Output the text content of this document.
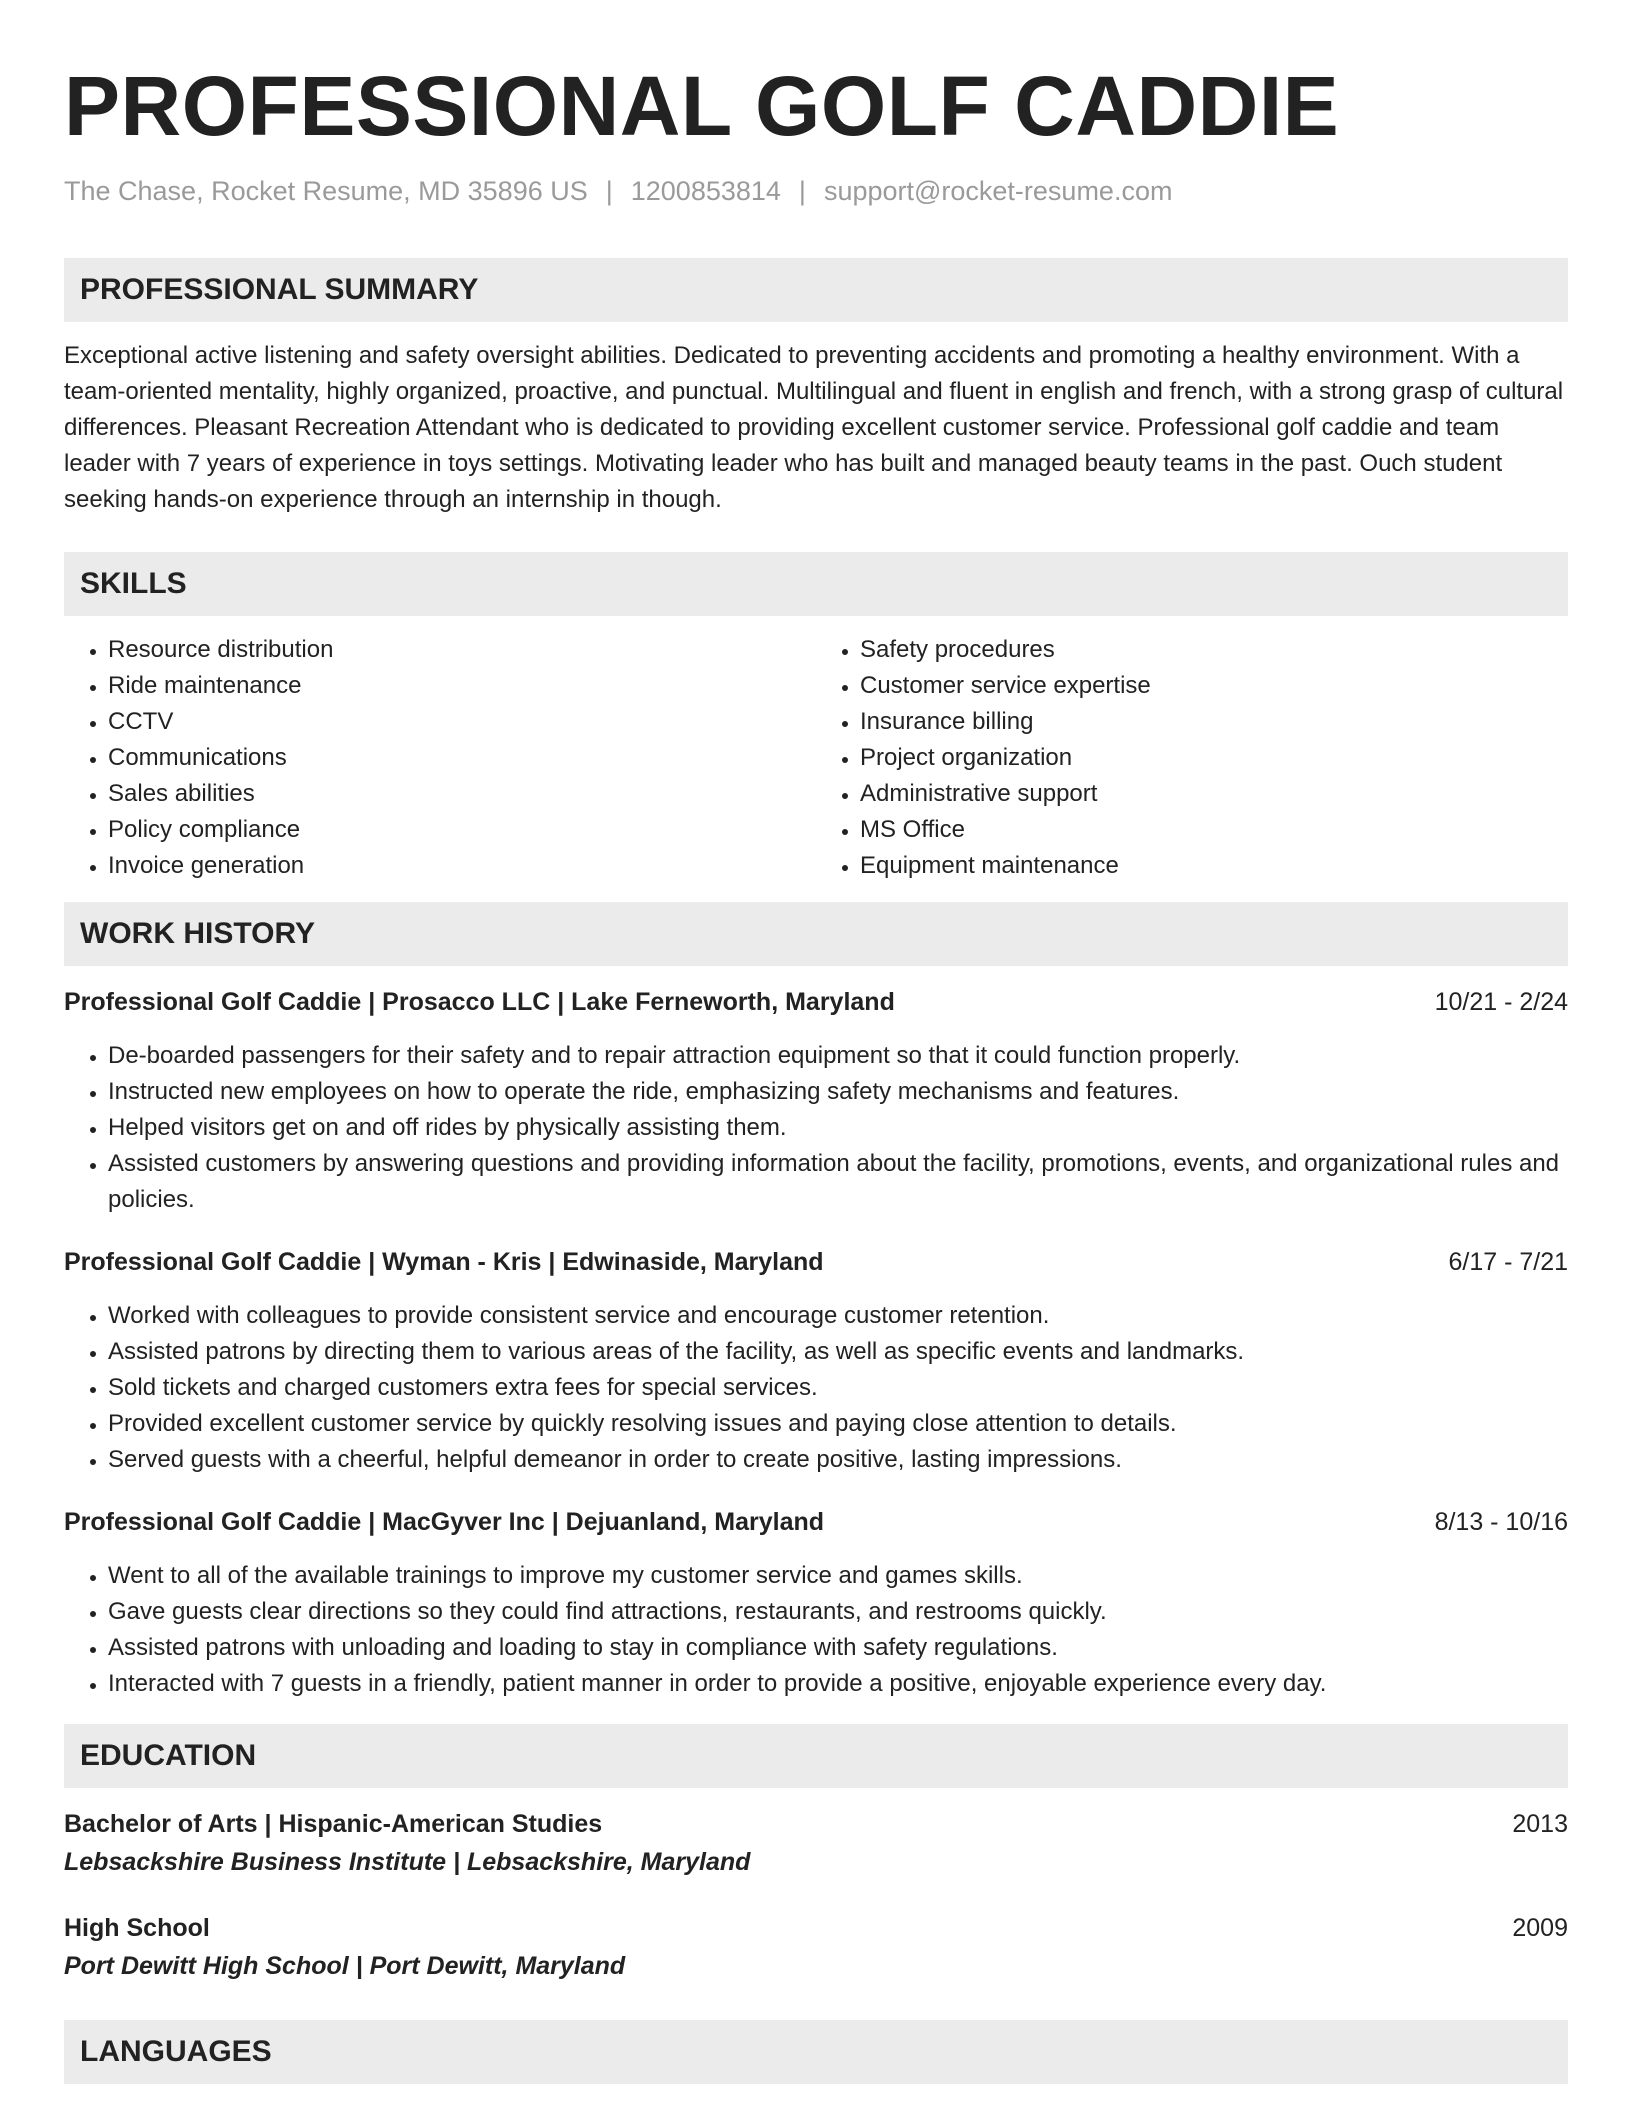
PROFESSIONAL GOLF CADDIE
The Chase, Rocket Resume, MD 35896 US | 1200853814 | support@rocket-resume.com
PROFESSIONAL SUMMARY
Exceptional active listening and safety oversight abilities. Dedicated to preventing accidents and promoting a healthy environment. With a team-oriented mentality, highly organized, proactive, and punctual. Multilingual and fluent in english and french, with a strong grasp of cultural differences. Pleasant Recreation Attendant who is dedicated to providing excellent customer service. Professional golf caddie and team leader with 7 years of experience in toys settings. Motivating leader who has built and managed beauty teams in the past. Ouch student seeking hands-on experience through an internship in though.
SKILLS
• Resource distribution
• Ride maintenance
• CCTV
• Communications
• Sales abilities
• Policy compliance
• Invoice generation
• Safety procedures
• Customer service expertise
• Insurance billing
• Project organization
• Administrative support
• MS Office
• Equipment maintenance
WORK HISTORY
Professional Golf Caddie | Prosacco LLC | Lake Ferneworth, Maryland	10/21 - 2/24
• De-boarded passengers for their safety and to repair attraction equipment so that it could function properly.
• Instructed new employees on how to operate the ride, emphasizing safety mechanisms and features.
• Helped visitors get on and off rides by physically assisting them.
• Assisted customers by answering questions and providing information about the facility, promotions, events, and organizational rules and policies.
Professional Golf Caddie | Wyman - Kris | Edwinaside, Maryland	6/17 - 7/21
• Worked with colleagues to provide consistent service and encourage customer retention.
• Assisted patrons by directing them to various areas of the facility, as well as specific events and landmarks.
• Sold tickets and charged customers extra fees for special services.
• Provided excellent customer service by quickly resolving issues and paying close attention to details.
• Served guests with a cheerful, helpful demeanor in order to create positive, lasting impressions.
Professional Golf Caddie | MacGyver Inc | Dejuanland, Maryland	8/13 - 10/16
• Went to all of the available trainings to improve my customer service and games skills.
• Gave guests clear directions so they could find attractions, restaurants, and restrooms quickly.
• Assisted patrons with unloading and loading to stay in compliance with safety regulations.
• Interacted with 7 guests in a friendly, patient manner in order to provide a positive, enjoyable experience every day.
EDUCATION
Bachelor of Arts | Hispanic-American Studies	2013
Lebsackshire Business Institute | Lebsackshire, Maryland
High School	2009
Port Dewitt High School | Port Dewitt, Maryland
LANGUAGES
